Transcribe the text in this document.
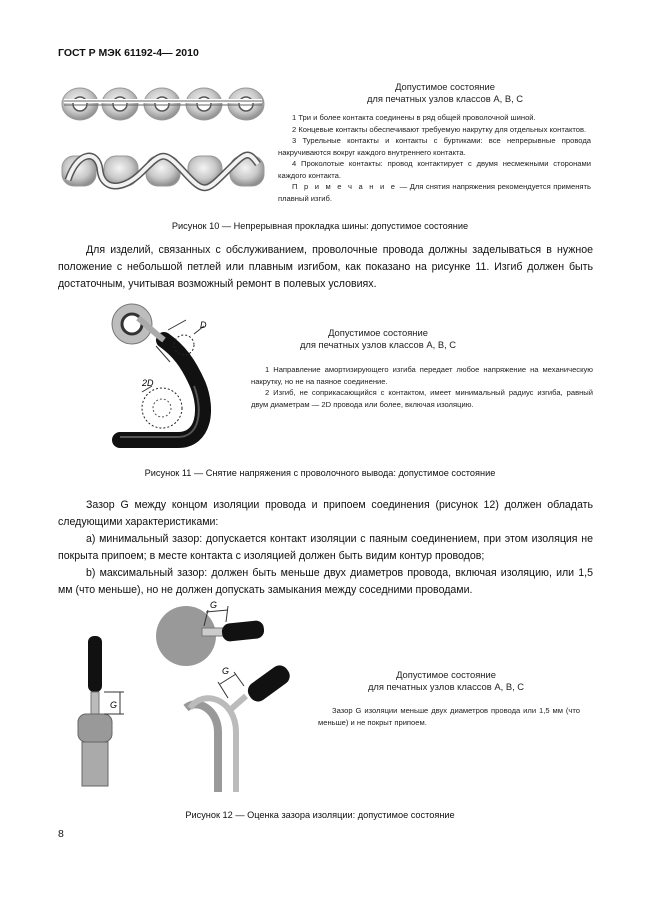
ГОСТ Р МЭК 61192-4— 2010
Допустимое состояние
для печатных узлов классов А, В, С

1 Три и более контакта соединены в ряд общей проволочной шиной.

2 Концевые контакты обеспечивают требуемую накрутку для отдельных контактов.

3 Турельные контакты и контакты с буртиками: все непрерывные провода накручиваются вокруг каждого внутреннего контакта.

4 Проколотые контакты: провод контактирует с двумя несмежными сторонами каждого контакта.

П р и м е ч а н и е — Для снятия напряжения рекомендуется применять плавный изгиб.

Рисунок 10 — Непрерывная прокладка шины: допустимое состояние

Для изделий, связанных с обслуживанием, проволочные провода должны заделываться в нужное положение с небольшой петлей или плавным изгибом, как показано на рисунке 11. Изгиб должен быть достаточным, учитывая возможный ремонт в полевых условиях.

D
2D
Допустимое состояние
для печатных узлов классов А, В, С

1 Направление амортизирующего изгиба передает любое напряжение на механическую накрутку, но не на паяное соединение.

2 Изгиб, не соприкасающийся с контактом, имеет минимальный радиус изгиба, равный двум диаметрам — 2D провода или более, включая изоляцию.

Рисунок 11 — Снятие напряжения с проволочного вывода: допустимое состояние

Зазор G между концом изоляции провода и припоем соединения (рисунок 12) должен обладать следующими характеристиками:

а) минимальный зазор: допускается контакт изоляции с паяным соединением, при этом изоляция не покрыта припоем; в месте контакта с изоляцией должен быть видим контур проводов;

b) максимальный зазор: должен быть меньше двух диаметров провода, включая изоляцию, или 1,5 мм (что меньше), но не должен допускать замыкания между соседними проводами.

G
G
G	Допустимое состояние
для печатных узлов классов А, В, С

Зазор G изоляции меньше двух диаметров провода или 1,5 мм (что меньше) и не покрыт припоем.

Рисунок 12 — Оценка зазора изоляции: допустимое состояние
8
